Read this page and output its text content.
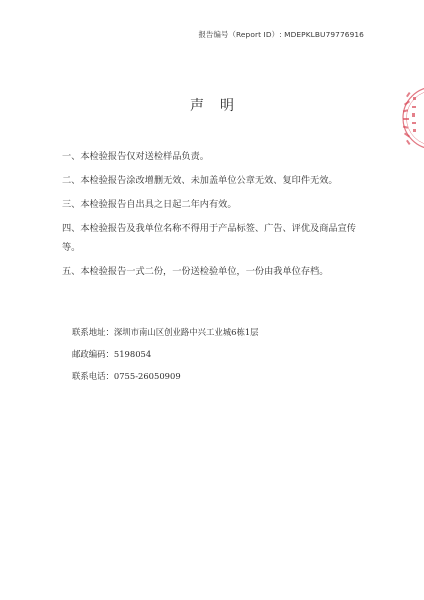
报告编号（Report ID）: MDEPKLBU79776916
声明

一、本检验报告仅对送检样品负责。

二、本检验报告涂改增删无效、未加盖单位公章无效、复印件无效。

三、本检验报告自出具之日起二年内有效。

四、本检验报告及我单位名称不得用于产品标签、广告、评优及商品宣传等。

五、本检验报告一式二份，一份送检验单位，一份由我单位存档。

联系地址：深圳市南山区创业路中兴工业城6栋1层
邮政编码：5198054
联系电话：0755-26050909
